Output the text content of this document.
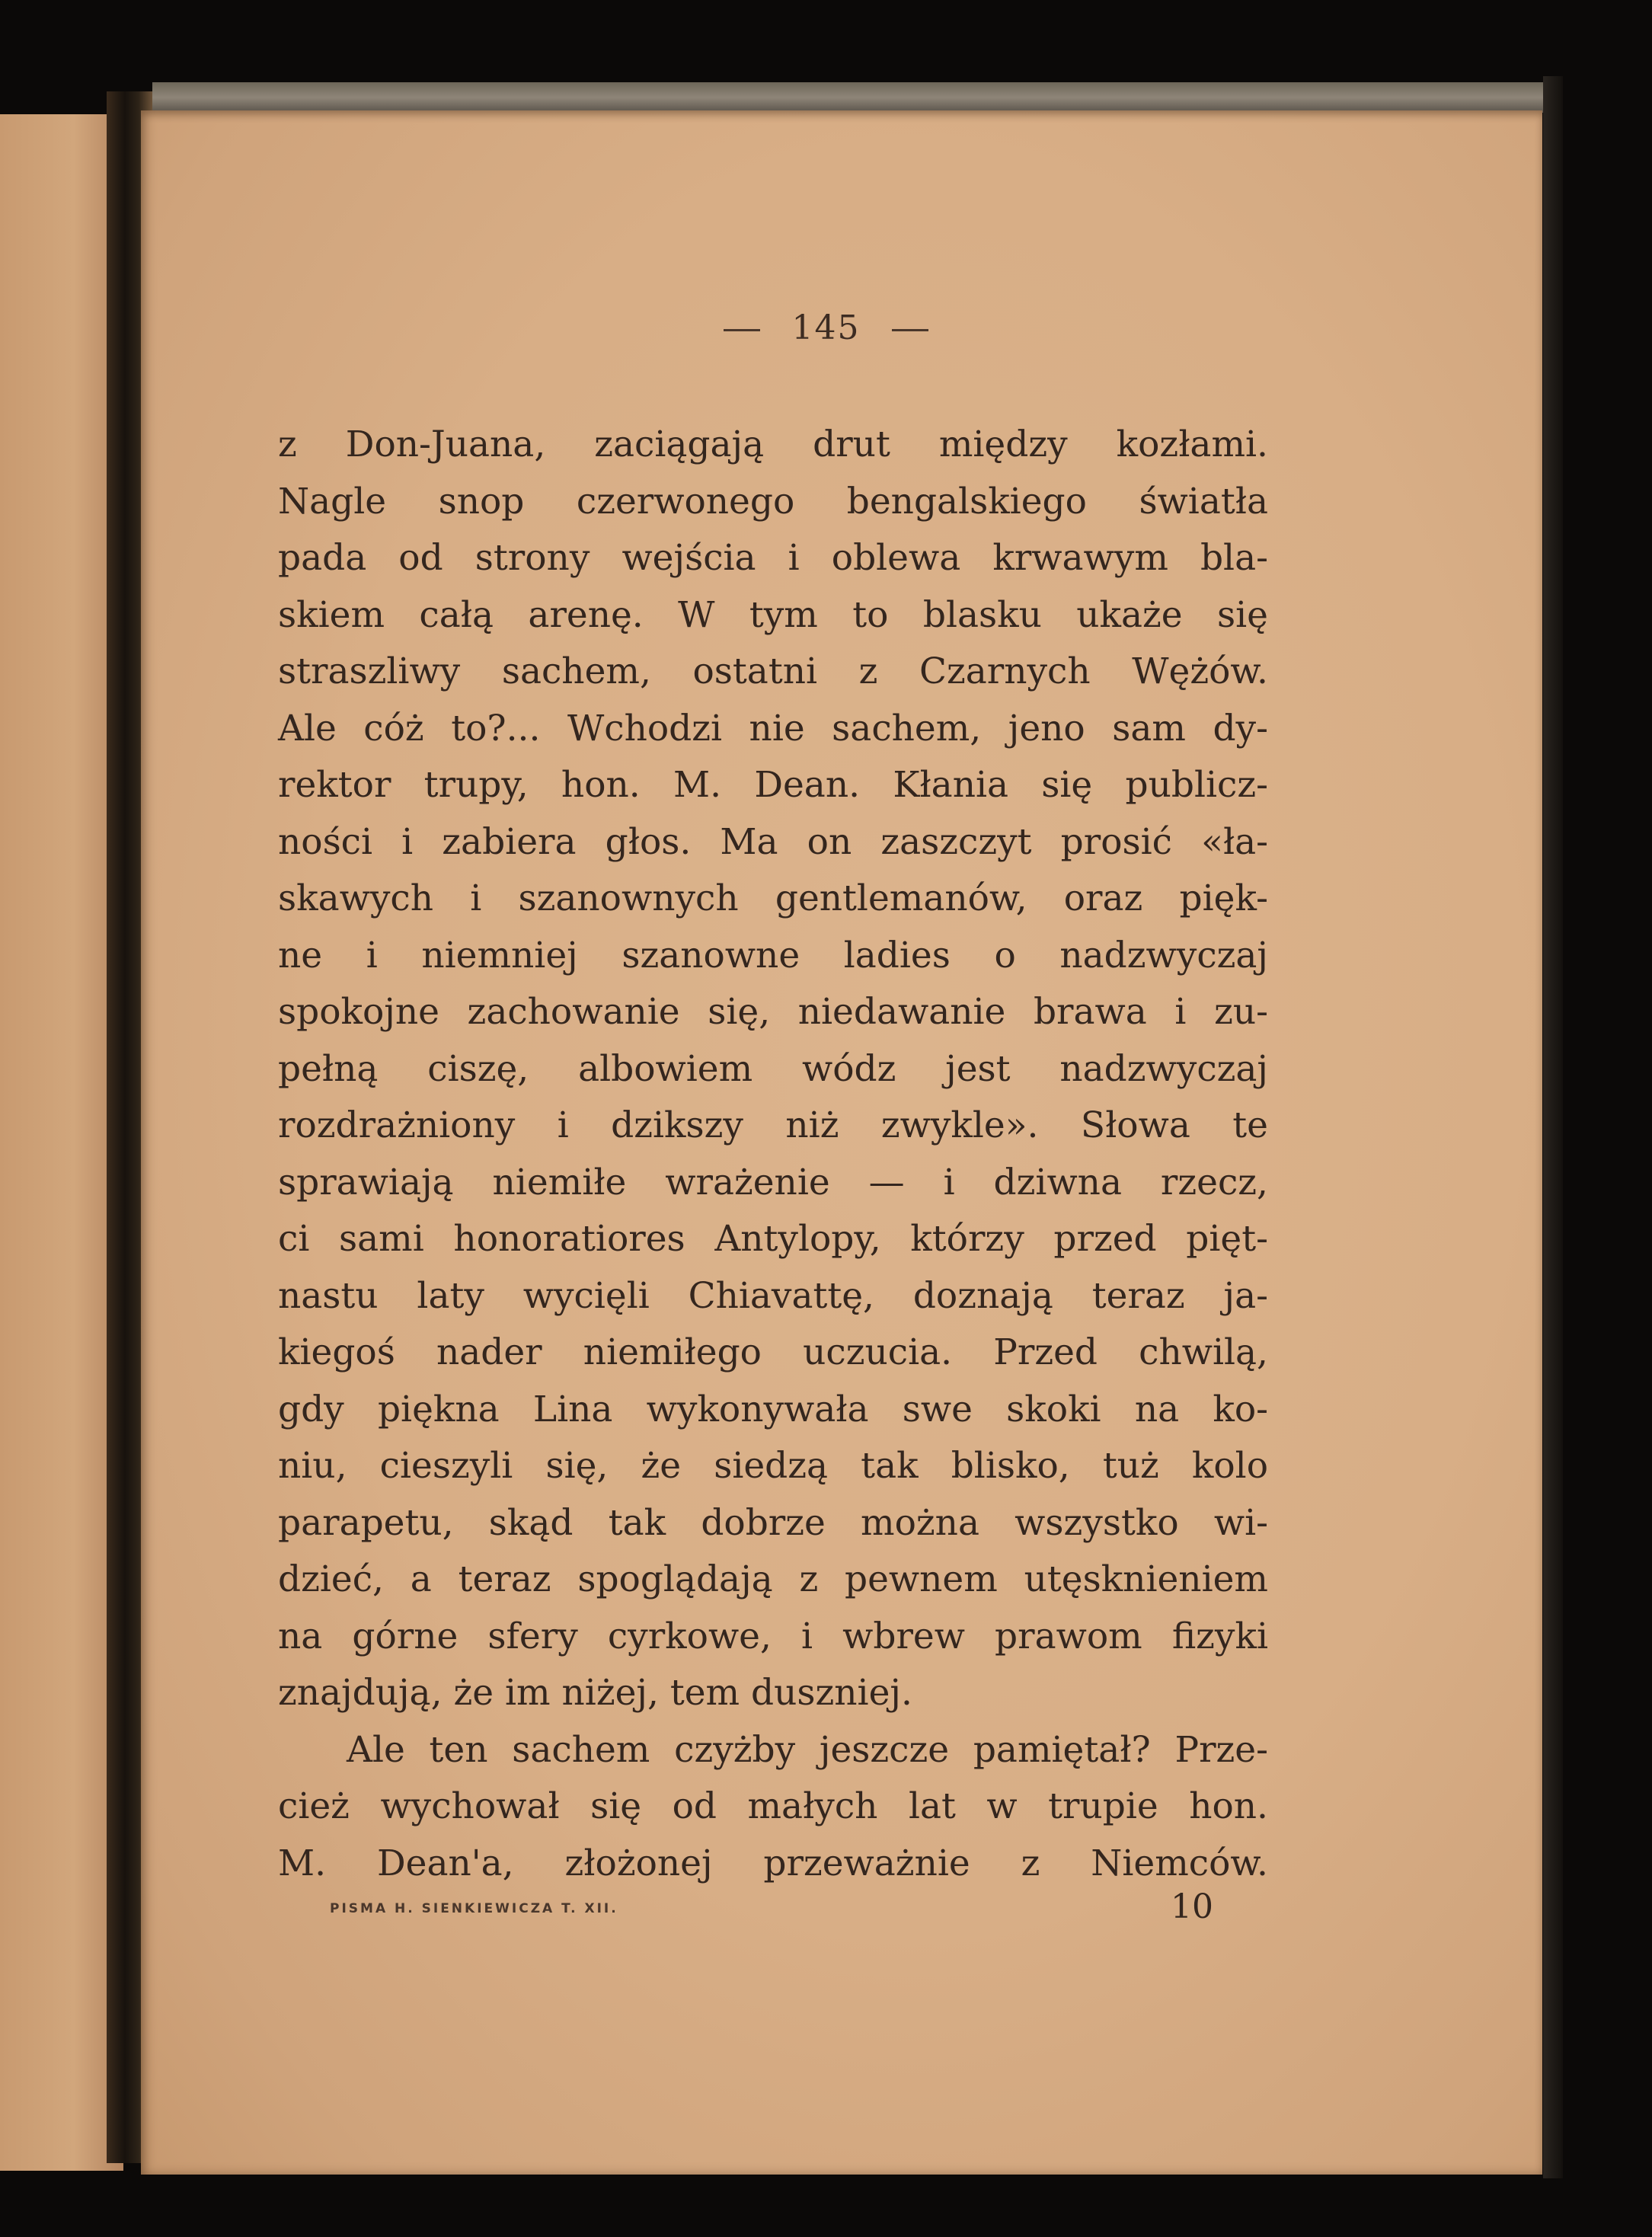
145
z Don-Juana, zaciągają drut między kozłami.
Nagle snop czerwonego bengalskiego światła
pada od strony wejścia i oblewa krwawym bla-
skiem całą arenę. W tym to blasku ukaże się
straszliwy sachem, ostatni z Czarnych Wężów.
Ale cóż to?... Wchodzi nie sachem, jeno sam dy-
rektor trupy, hon. M. Dean. Kłania się publicz-
ności i zabiera głos. Ma on zaszczyt prosić «ła-
skawych i szanownych gentlemanów, oraz pięk-
ne i niemniej szanowne ladies o nadzwyczaj
spokojne zachowanie się, niedawanie brawa i zu-
pełną ciszę, albowiem wódz jest nadzwyczaj
rozdrażniony i dzikszy niż zwykle». Słowa te
sprawiają niemiłe wrażenie — i dziwna rzecz,
ci sami honoratiores Antylopy, którzy przed pięt-
nastu laty wycięli Chiavattę, doznają teraz ja-
kiegoś nader niemiłego uczucia. Przed chwilą,
gdy piękna Lina wykonywała swe skoki na ko-
niu, cieszyli się, że siedzą tak blisko, tuż kolo
parapetu, skąd tak dobrze można wszystko wi-
dzieć, a teraz spoglądają z pewnem utęsknieniem
na górne sfery cyrkowe, i wbrew prawom fizyki
znajdują, że im niżej, tem duszniej.
Ale ten sachem czyżby jeszcze pamiętał? Prze-
cież wychował się od małych lat w trupie hon.
M. Dean'a, złożonej przeważnie z Niemców.
PISMA H. SIENKIEWICZA T. XII.	10
